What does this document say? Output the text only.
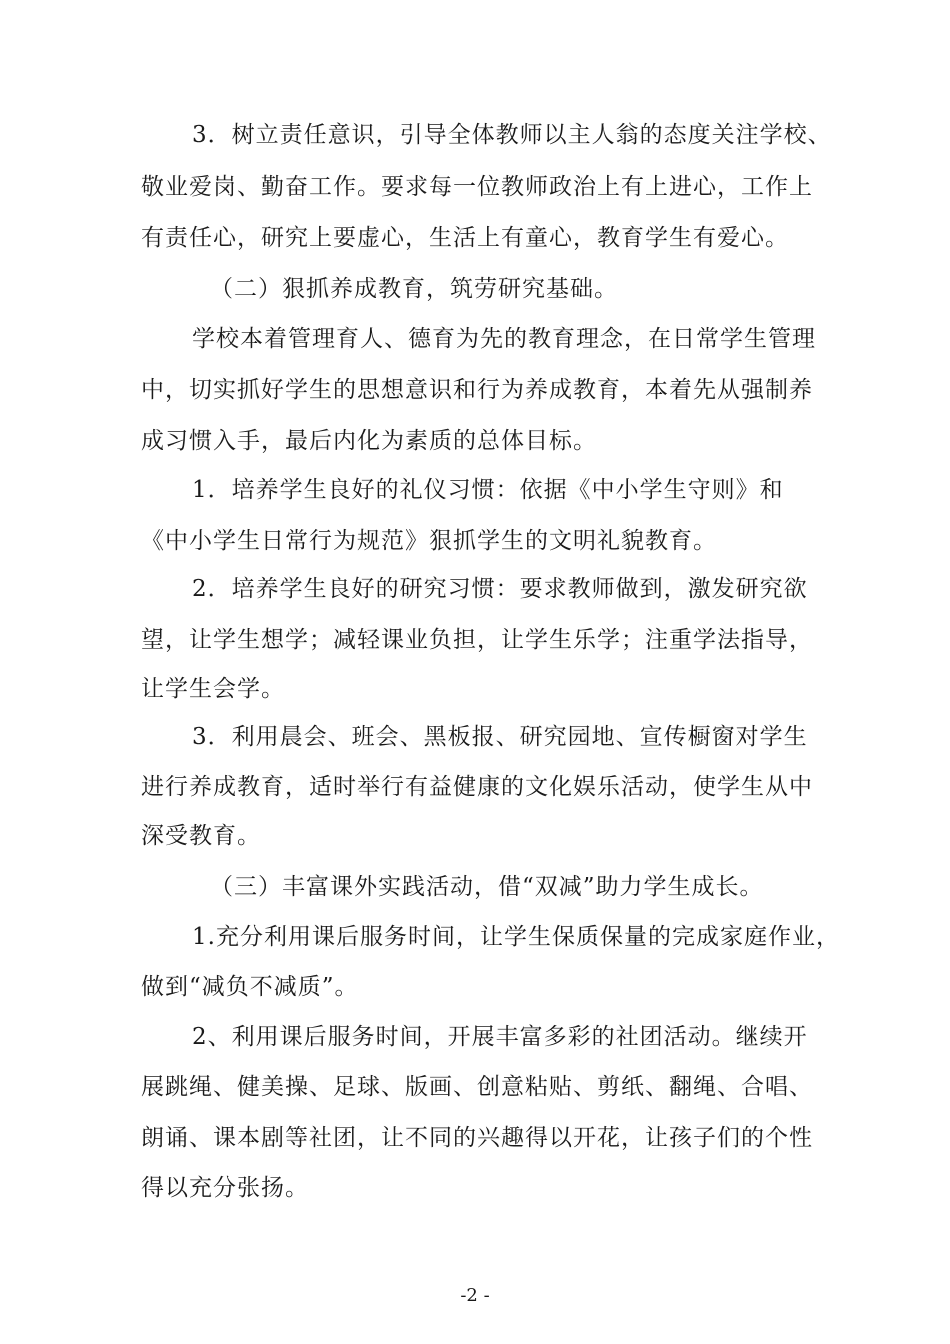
3．树立责任意识，引导全体教师以主人翁的态度关注学校、
敬业爱岗、勤奋工作。要求每一位教师政治上有上进心，工作上
有责任心，研究上要虚心，生活上有童心，教育学生有爱心。
（二）狠抓养成教育，筑劳研究基础。
学校本着管理育人、德育为先的教育理念，在日常学生管理
中，切实抓好学生的思想意识和行为养成教育，本着先从强制养
成习惯入手，最后内化为素质的总体目标。
1．培养学生良好的礼仪习惯：依据《中小学生守则》和
《中小学生日常行为规范》狠抓学生的文明礼貌教育。
2．培养学生良好的研究习惯：要求教师做到，激发研究欲
望，让学生想学；减轻课业负担，让学生乐学；注重学法指导，
让学生会学。
3．利用晨会、班会、黑板报、研究园地、宣传橱窗对学生
进行养成教育，适时举行有益健康的文化娱乐活动，使学生从中
深受教育。
（三）丰富课外实践活动，借“双减”助力学生成长。
1.充分利用课后服务时间，让学生保质保量的完成家庭作业，
做到“减负不减质”。
2、利用课后服务时间，开展丰富多彩的社团活动。继续开
展跳绳、健美操、足球、版画、创意粘贴、剪纸、翻绳、合唱、
朗诵、课本剧等社团，让不同的兴趣得以开花，让孩子们的个性
得以充分张扬。
-2 -
